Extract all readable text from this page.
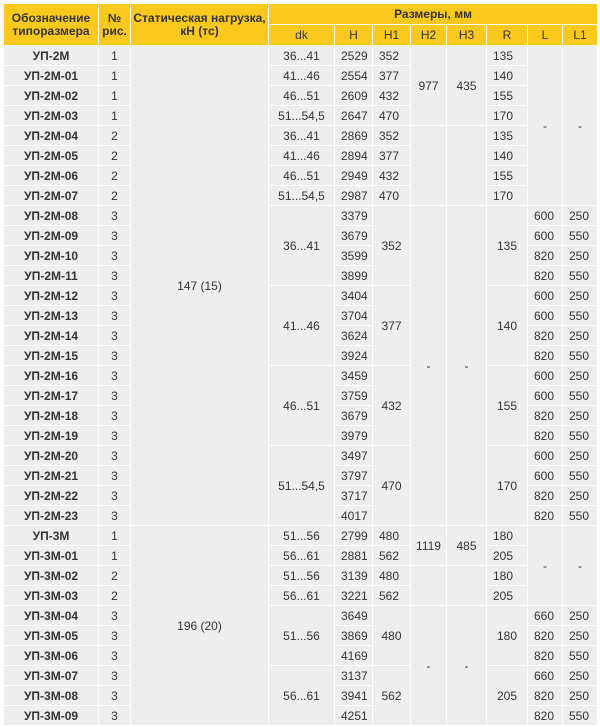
Обозначение типоразмера	№ рис.	Статическая нагрузка, кН (тс)	Размеры, мм							
			dk	H	H1	H2	H3	R	L	L1
УП-2М	1	147 (15)	36...41	2529	352	977	435	135	-	-
УП-2М-01	1		41...46	2554	377			140		
УП-2М-02	1		46...51	2609	432			155		
УП-2М-03	1		51...54,5	2647	470			170		
УП-2М-04	2		36...41	2869	352			135		
УП-2М-05	2		41...46	2894	377			140		
УП-2М-06	2		46...51	2949	432			155		
УП-2М-07	2		51...54,5	2987	470			170		
УП-2М-08	3		36...41	3379	352	-	-	135	600	250
УП-2М-09	3			3679					600	550
УП-2М-10	3			3599					820	250
УП-2М-11	3			3899					820	550
УП-2М-12	3		41...46	3404	377			140	600	250
УП-2М-13	3			3704					600	550
УП-2М-14	3			3624					820	250
УП-2М-15	3			3924					820	550
УП-2М-16	3		46...51	3459	432			155	600	250
УП-2М-17	3			3759					600	550
УП-2М-18	3			3679					820	250
УП-2М-19	3			3979					820	550
УП-2М-20	3		51...54,5	3497	470			170	600	250
УП-2М-21	3			3797					600	550
УП-2М-22	3			3717					820	250
УП-2М-23	3			4017					820	550
УП-3М	1	196 (20)	51...56	2799	480	1119	485	180	-	-
УП-3М-01	1		56...61	2881	562			205		
УП-3М-02	2		51...56	3139	480			180		
УП-3М-03	2		56...61	3221	562			205		
УП-3М-04	3		51...56	3649	480	-	-	180	660	250
УП-3М-05	3			3869					820	250
УП-3М-06	3			4169					820	550
УП-3М-07	3		56...61	3137	562			205	660	250
УП-3М-08	3			3941					820	250
УП-3М-09	3			4251					820	550
